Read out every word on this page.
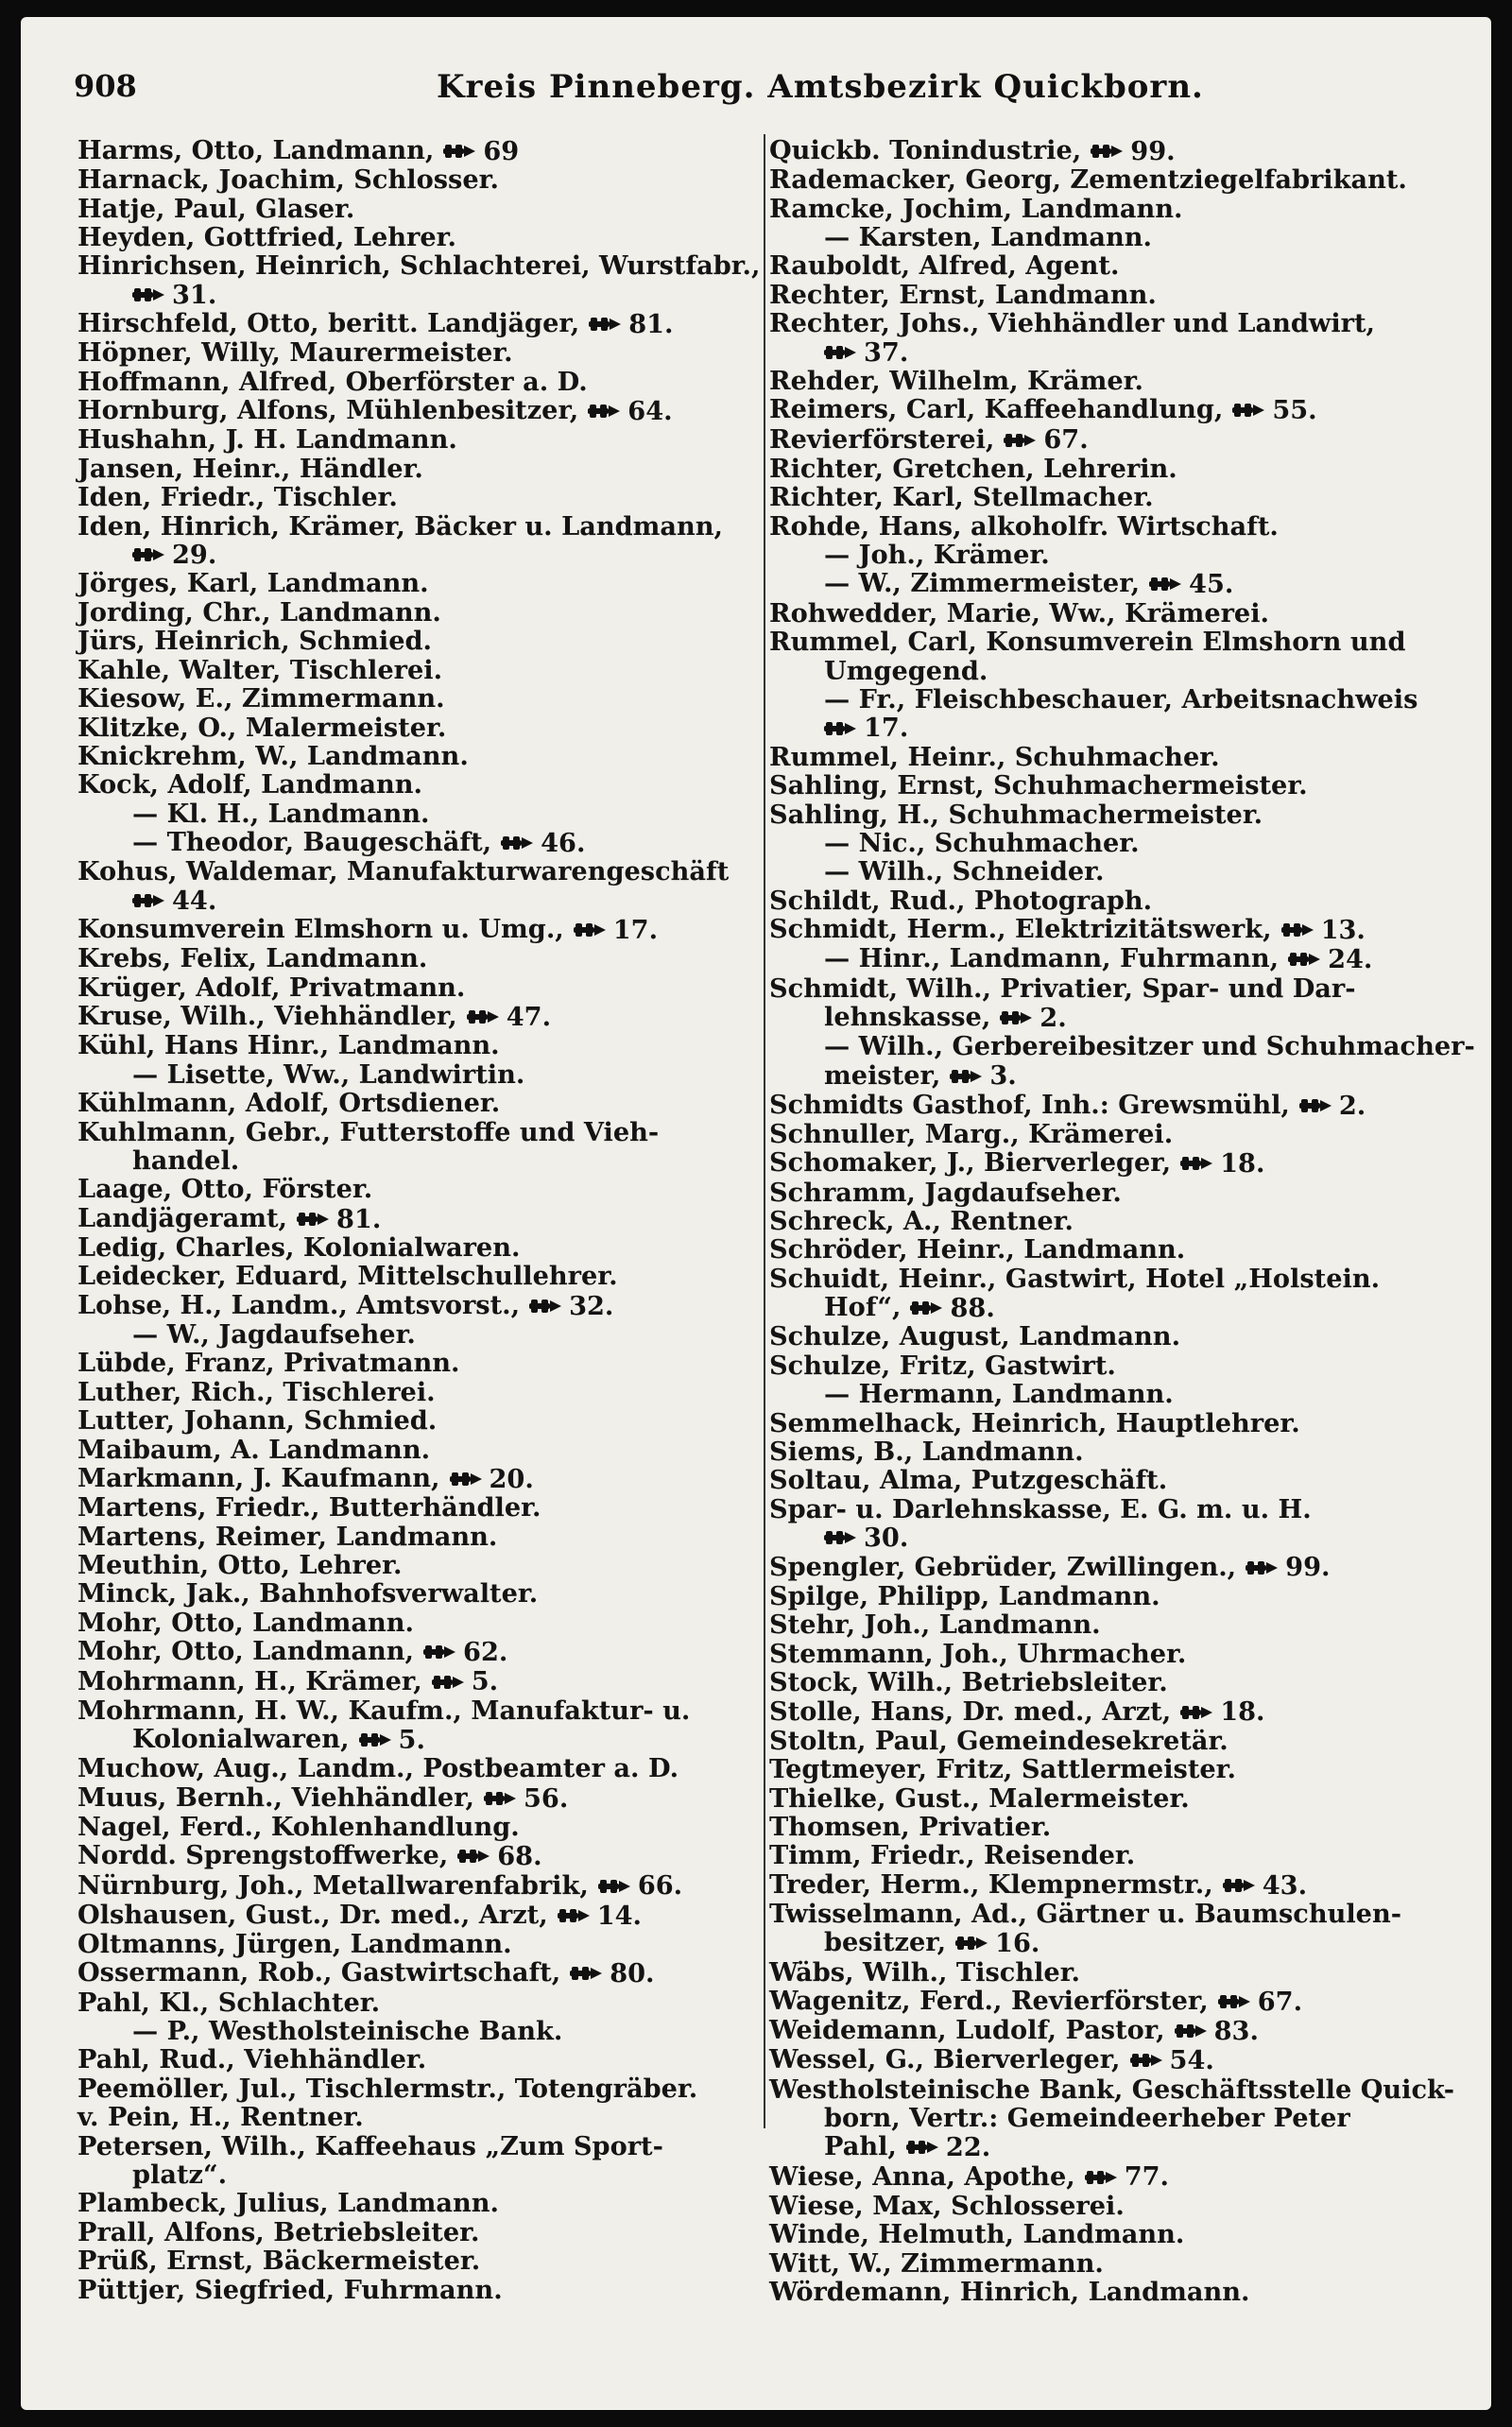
908	Kreis Pinneberg. Amtsbezirk Quickborn.
Harms, Otto, Landmann, 69
Harnack, Joachim, Schlosser.
Hatje, Paul, Glaser.
Heyden, Gottfried, Lehrer.
Hinrichsen, Heinrich, Schlachterei, Wurstfabr.,
31.
Hirschfeld, Otto, beritt. Landjäger, 81.
Höpner, Willy, Maurermeister.
Hoffmann, Alfred, Oberförster a. D.
Hornburg, Alfons, Mühlenbesitzer, 64.
Hushahn, J. H. Landmann.
Jansen, Heinr., Händler.
Iden, Friedr., Tischler.
Iden, Hinrich, Krämer, Bäcker u. Landmann,
29.
Jörges, Karl, Landmann.
Jording, Chr., Landmann.
Jürs, Heinrich, Schmied.
Kahle, Walter, Tischlerei.
Kiesow, E., Zimmermann.
Klitzke, O., Malermeister.
Knickrehm, W., Landmann.
Kock, Adolf, Landmann.
— Kl. H., Landmann.
— Theodor, Baugeschäft, 46.
Kohus, Waldemar, Manufakturwarengeschäft
44.
Konsumverein Elmshorn u. Umg., 17.
Krebs, Felix, Landmann.
Krüger, Adolf, Privatmann.
Kruse, Wilh., Viehhändler, 47.
Kühl, Hans Hinr., Landmann.
— Lisette, Ww., Landwirtin.
Kühlmann, Adolf, Ortsdiener.
Kuhlmann, Gebr., Futterstoffe und Vieh-
handel.
Laage, Otto, Förster.
Landjägeramt, 81.
Ledig, Charles, Kolonialwaren.
Leidecker, Eduard, Mittelschullehrer.
Lohse, H., Landm., Amtsvorst., 32.
— W., Jagdaufseher.
Lübde, Franz, Privatmann.
Luther, Rich., Tischlerei.
Lutter, Johann, Schmied.
Maibaum, A. Landmann.
Markmann, J. Kaufmann, 20.
Martens, Friedr., Butterhändler.
Martens, Reimer, Landmann.
Meuthin, Otto, Lehrer.
Minck, Jak., Bahnhofsverwalter.
Mohr, Otto, Landmann.
Mohr, Otto, Landmann, 62.
Mohrmann, H., Krämer, 5.
Mohrmann, H. W., Kaufm., Manufaktur- u.
Kolonialwaren, 5.
Muchow, Aug., Landm., Postbeamter a. D.
Muus, Bernh., Viehhändler, 56.
Nagel, Ferd., Kohlenhandlung.
Nordd. Sprengstoffwerke, 68.
Nürnburg, Joh., Metallwarenfabrik, 66.
Olshausen, Gust., Dr. med., Arzt, 14.
Oltmanns, Jürgen, Landmann.
Ossermann, Rob., Gastwirtschaft, 80.
Pahl, Kl., Schlachter.
— P., Westholsteinische Bank.
Pahl, Rud., Viehhändler.
Peemöller, Jul., Tischlermstr., Totengräber.
v. Pein, H., Rentner.
Petersen, Wilh., Kaffeehaus „Zum Sport-
platz“.
Plambeck, Julius, Landmann.
Prall, Alfons, Betriebsleiter.
Prüß, Ernst, Bäckermeister.
Püttjer, Siegfried, Fuhrmann.
Quickb. Tonindustrie, 99.
Rademacker, Georg, Zementziegelfabrikant.
Ramcke, Jochim, Landmann.
— Karsten, Landmann.
Rauboldt, Alfred, Agent.
Rechter, Ernst, Landmann.
Rechter, Johs., Viehhändler und Landwirt,
37.
Rehder, Wilhelm, Krämer.
Reimers, Carl, Kaffeehandlung, 55.
Revierförsterei, 67.
Richter, Gretchen, Lehrerin.
Richter, Karl, Stellmacher.
Rohde, Hans, alkoholfr. Wirtschaft.
— Joh., Krämer.
— W., Zimmermeister, 45.
Rohwedder, Marie, Ww., Krämerei.
Rummel, Carl, Konsumverein Elmshorn und
Umgegend.
— Fr., Fleischbeschauer, Arbeitsnachweis
17.
Rummel, Heinr., Schuhmacher.
Sahling, Ernst, Schuhmachermeister.
Sahling, H., Schuhmachermeister.
— Nic., Schuhmacher.
— Wilh., Schneider.
Schildt, Rud., Photograph.
Schmidt, Herm., Elektrizitätswerk, 13.
— Hinr., Landmann, Fuhrmann, 24.
Schmidt, Wilh., Privatier, Spar- und Dar-
lehnskasse, 2.
— Wilh., Gerbereibesitzer und Schuhmacher-
meister, 3.
Schmidts Gasthof, Inh.: Grewsmühl, 2.
Schnuller, Marg., Krämerei.
Schomaker, J., Bierverleger, 18.
Schramm, Jagdaufseher.
Schreck, A., Rentner.
Schröder, Heinr., Landmann.
Schuidt, Heinr., Gastwirt, Hotel „Holstein.
Hof“, 88.
Schulze, August, Landmann.
Schulze, Fritz, Gastwirt.
— Hermann, Landmann.
Semmelhack, Heinrich, Hauptlehrer.
Siems, B., Landmann.
Soltau, Alma, Putzgeschäft.
Spar- u. Darlehnskasse, E. G. m. u. H.
30.
Spengler, Gebrüder, Zwillingen., 99.
Spilge, Philipp, Landmann.
Stehr, Joh., Landmann.
Stemmann, Joh., Uhrmacher.
Stock, Wilh., Betriebsleiter.
Stolle, Hans, Dr. med., Arzt, 18.
Stoltn, Paul, Gemeindesekretär.
Tegtmeyer, Fritz, Sattlermeister.
Thielke, Gust., Malermeister.
Thomsen, Privatier.
Timm, Friedr., Reisender.
Treder, Herm., Klempnermstr., 43.
Twisselmann, Ad., Gärtner u. Baumschulen-
besitzer, 16.
Wäbs, Wilh., Tischler.
Wagenitz, Ferd., Revierförster, 67.
Weidemann, Ludolf, Pastor, 83.
Wessel, G., Bierverleger, 54.
Westholsteinische Bank, Geschäftsstelle Quick-
born, Vertr.: Gemeindeerheber Peter
Pahl, 22.
Wiese, Anna, Apothe, 77.
Wiese, Max, Schlosserei.
Winde, Helmuth, Landmann.
Witt, W., Zimmermann.
Wördemann, Hinrich, Landmann.
